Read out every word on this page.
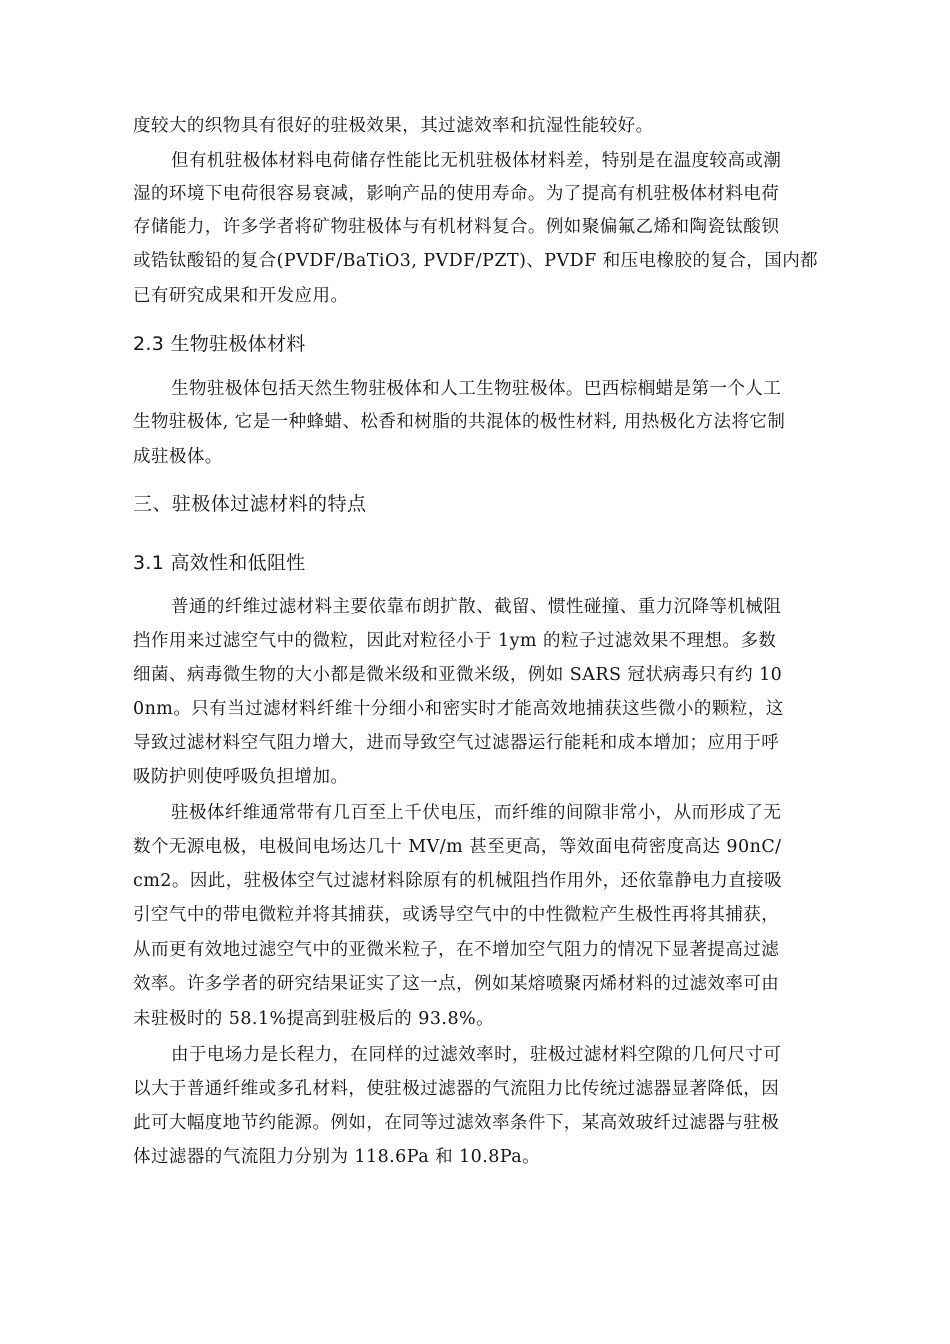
度较大的织物具有很好的驻极效果，其过滤效率和抗湿性能较好。

但有机驻极体材料电荷储存性能比无机驻极体材料差，特别是在温度较高或潮

湿的环境下电荷很容易衰减，影响产品的使用寿命。为了提高有机驻极体材料电荷

存储能力，许多学者将矿物驻极体与有机材料复合。例如聚偏氟乙烯和陶瓷钛酸钡

或锆钛酸铅的复合(PVDF/BaTiO3, PVDF/PZT)、PVDF 和压电橡胶的复合，国内都

已有研究成果和开发应用。

2.3 生物驻极体材料

生物驻极体包括天然生物驻极体和人工生物驻极体。巴西棕榈蜡是第一个人工

生物驻极体, 它是一种蜂蜡、松香和树脂的共混体的极性材料, 用热极化方法将它制

成驻极体。

三、驻极体过滤材料的特点
3.1 高效性和低阻性

普通的纤维过滤材料主要依靠布朗扩散、截留、惯性碰撞、重力沉降等机械阻

挡作用来过滤空气中的微粒，因此对粒径小于 1ym 的粒子过滤效果不理想。多数

细菌、病毒微生物的大小都是微米级和亚微米级，例如 SARS 冠状病毒只有约 10

0nm。只有当过滤材料纤维十分细小和密实时才能高效地捕获这些微小的颗粒，这

导致过滤材料空气阻力增大，进而导致空气过滤器运行能耗和成本增加；应用于呼

吸防护则使呼吸负担增加。

驻极体纤维通常带有几百至上千伏电压，而纤维的间隙非常小，从而形成了无

数个无源电极，电极间电场达几十 MV/m 甚至更高，等效面电荷密度高达 90nC/

cm2。因此，驻极体空气过滤材料除原有的机械阻挡作用外，还依靠静电力直接吸

引空气中的带电微粒并将其捕获，或诱导空气中的中性微粒产生极性再将其捕获，

从而更有效地过滤空气中的亚微米粒子，在不增加空气阻力的情况下显著提高过滤

效率。许多学者的研究结果证实了这一点，例如某熔喷聚丙烯材料的过滤效率可由

未驻极时的 58.1%提高到驻极后的 93.8%。

由于电场力是长程力，在同样的过滤效率时，驻极过滤材料空隙的几何尺寸可

以大于普通纤维或多孔材料，使驻极过滤器的气流阻力比传统过滤器显著降低，因

此可大幅度地节约能源。例如，在同等过滤效率条件下，某高效玻纤过滤器与驻极

体过滤器的气流阻力分别为 118.6Pa 和 10.8Pa。
